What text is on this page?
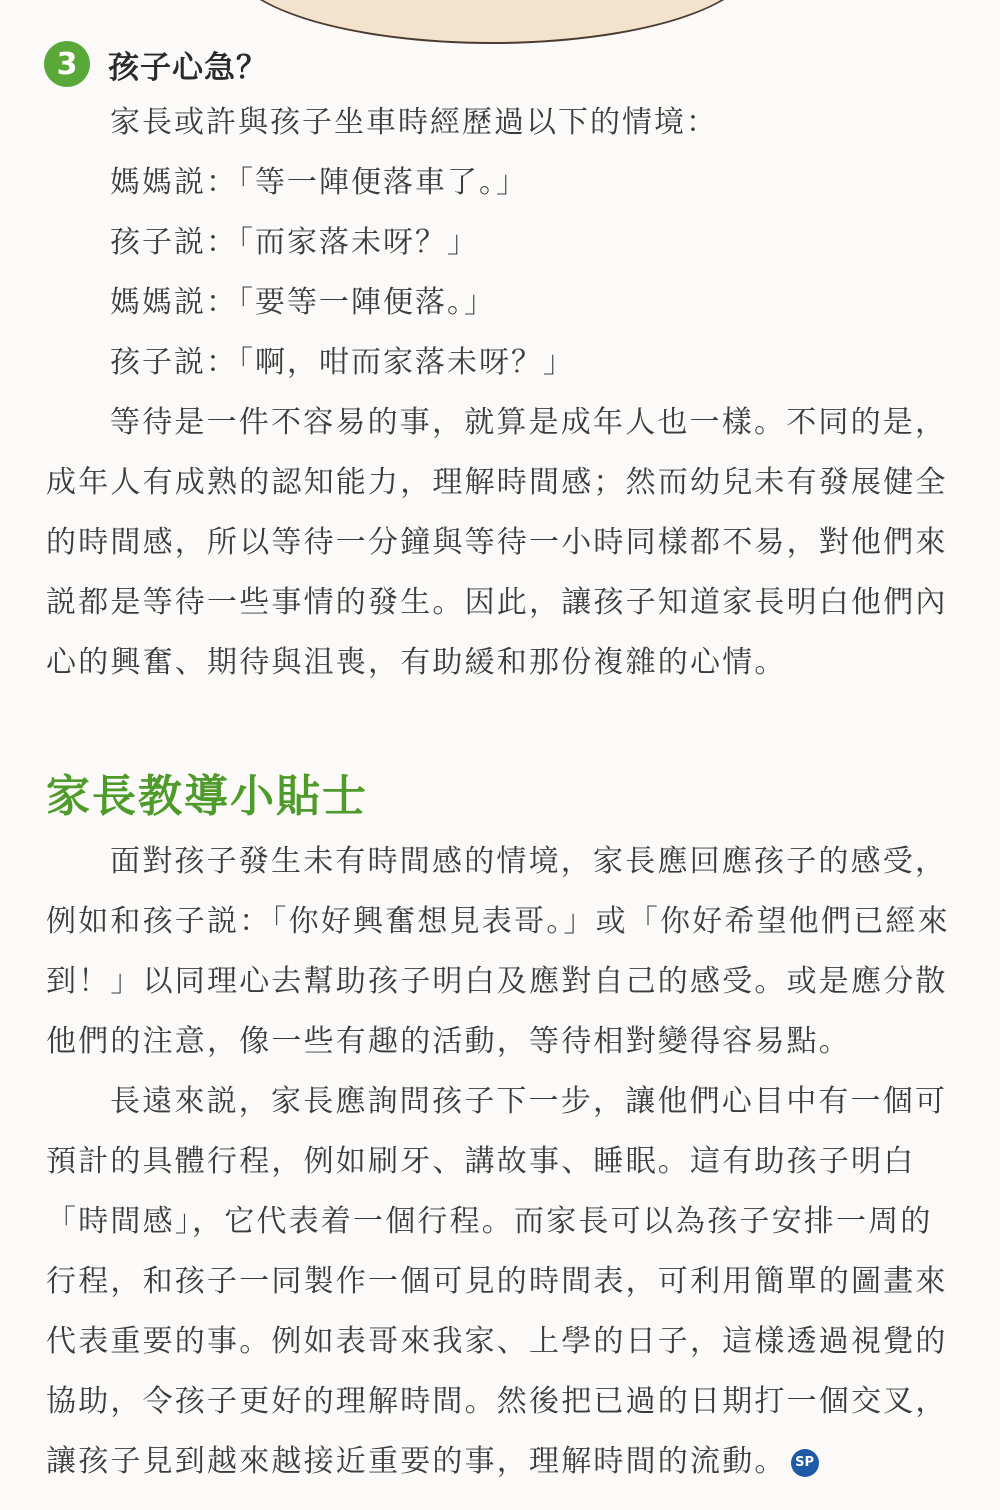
3 孩子心急？
家長或許與孩子坐車時經歷過以下的情境：
媽媽説：「等一陣便落車了。」
孩子説：「而家落未呀？」
媽媽説：「要等一陣便落。」
孩子説：「啊，咁而家落未呀？」
等待是一件不容易的事，就算是成年人也一樣。不同的是，成年人有成熟的認知能力，理解時間感；然而幼兒未有發展健全的時間感，所以等待一分鐘與等待一小時同樣都不易，對他們來説都是等待一些事情的發生。因此，讓孩子知道家長明白他們內心的興奮、期待與沮喪，有助緩和那份複雜的心情。
家長教導小貼士
面對孩子發生未有時間感的情境，家長應回應孩子的感受，例如和孩子説：「你好興奮想見表哥。」或「你好希望他們已經來到！」以同理心去幫助孩子明白及應對自己的感受。或是應分散他們的注意，像一些有趣的活動，等待相對變得容易點。
長遠來説，家長應詢問孩子下一步，讓他們心目中有一個可預計的具體行程，例如刷牙、講故事、睡眠。這有助孩子明白「時間感」，它代表着一個行程。而家長可以為孩子安排一周的行程，和孩子一同製作一個可見的時間表，可利用簡單的圖畫來代表重要的事。例如表哥來我家、上學的日子，這樣透過視覺的協助，令孩子更好的理解時間。然後把已過的日期打一個交叉，讓孩子見到越來越接近重要的事，理解時間的流動。 SP
